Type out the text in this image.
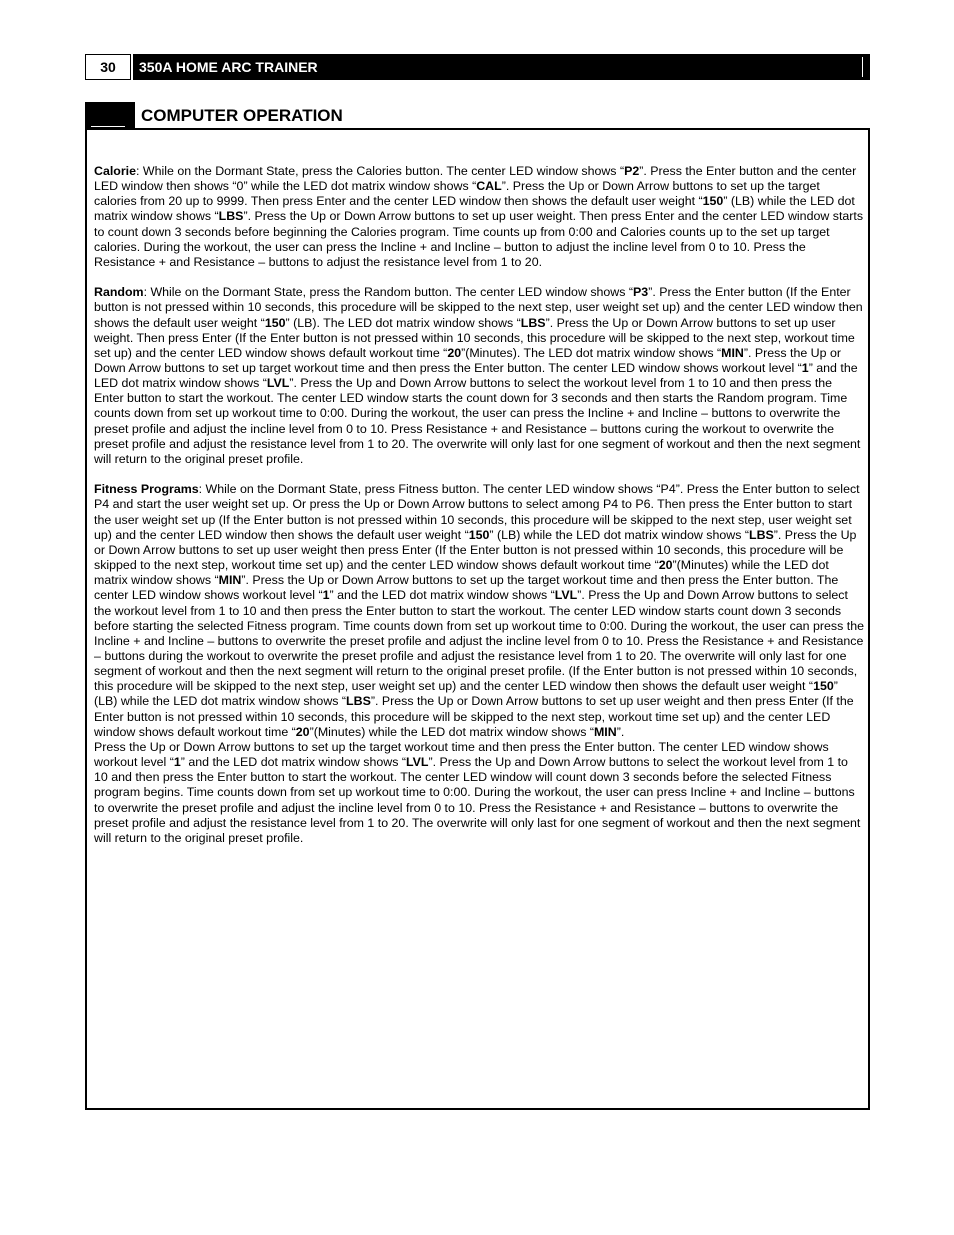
30	350A HOME ARC TRAINER
COMPUTER OPERATION

Calorie: While on the Dormant State, press the Calories button. The center LED window shows “P2”. Press the Enter button and the center LED window then shows “0” while the LED dot matrix window shows “CAL”. Press the Up or Down Arrow buttons to set up the target calories from 20 up to 9999. Then press Enter and the center LED window then shows the default user weight “150” (LB) while the LED dot matrix window shows “LBS”. Press the Up or Down Arrow buttons to set up user weight. Then press Enter and the center LED window starts to count down 3 seconds before beginning the Calories program. Time counts up from 0:00 and Calories counts up to the set up target calories. During the workout, the user can press the Incline + and Incline – button to adjust the incline level from 0 to 10. Press the Resistance + and Resistance – buttons to adjust the resistance level from 1 to 20.

Random: While on the Dormant State, press the Random button. The center LED window shows “P3”. Press the Enter button (If the Enter button is not pressed within 10 seconds, this procedure will be skipped to the next step, user weight set up) and the center LED window then shows the default user weight “150” (LB). The LED dot matrix window shows “LBS”. Press the Up or Down Arrow buttons to set up user weight. Then press Enter (If the Enter button is not pressed within 10 seconds, this procedure will be skipped to the next step, workout time set up) and the center LED window shows default workout time “20”(Minutes). The LED dot matrix window shows “MIN”. Press the Up or Down Arrow buttons to set up target workout time and then press the Enter button. The center LED window shows workout level “1” and the LED dot matrix window shows “LVL”. Press the Up and Down Arrow buttons to select the workout level from 1 to 10 and then press the Enter button to start the workout. The center LED window starts the count down for 3 seconds and then starts the Random program. Time counts down from set up workout time to 0:00. During the workout, the user can press the Incline + and Incline – buttons to overwrite the preset profile and adjust the incline level from 0 to 10. Press Resistance + and Resistance – buttons curing the workout to overwrite the preset profile and adjust the resistance level from 1 to 20. The overwrite will only last for one segment of workout and then the next segment will return to the original preset profile.

Fitness Programs: While on the Dormant State, press Fitness button. The center LED window shows “P4”. Press the Enter button to select P4 and start the user weight set up. Or press the Up or Down Arrow buttons to select among P4 to P6. Then press the Enter button to start the user weight set up (If the Enter button is not pressed within 10 seconds, this procedure will be skipped to the next step, user weight set up) and the center LED window then shows the default user weight “150” (LB) while the LED dot matrix window shows “LBS”. Press the Up or Down Arrow buttons to set up user weight then press Enter (If the Enter button is not pressed within 10 seconds, this procedure will be skipped to the next step, workout time set up) and the center LED window shows default workout time “20”(Minutes) while the LED dot matrix window shows “MIN”. Press the Up or Down Arrow buttons to set up the target workout time and then press the Enter button. The center LED window shows workout level “1” and the LED dot matrix window shows “LVL”. Press the Up and Down Arrow buttons to select the workout level from 1 to 10 and then press the Enter button to start the workout. The center LED window starts count down 3 seconds before starting the selected Fitness program. Time counts down from set up workout time to 0:00. During the workout, the user can press the Incline + and Incline – buttons to overwrite the preset profile and adjust the incline level from 0 to 10. Press the Resistance + and Resistance – buttons during the workout to overwrite the preset profile and adjust the resistance level from 1 to 20. The overwrite will only last for one segment of workout and then the next segment will return to the original preset profile. (If the Enter button is not pressed within 10 seconds, this procedure will be skipped to the next step, user weight set up) and the center LED window then shows the default user weight “150” (LB) while the LED dot matrix window shows “LBS”. Press the Up or Down Arrow buttons to set up user weight and then press Enter (If the Enter button is not pressed within 10 seconds, this procedure will be skipped to the next step, workout time set up) and the center LED window shows default workout time “20”(Minutes) while the LED dot matrix window shows “MIN”.

Press the Up or Down Arrow buttons to set up the target workout time and then press the Enter button. The center LED window shows workout level “1” and the LED dot matrix window shows “LVL”. Press the Up and Down Arrow buttons to select the workout level from 1 to 10 and then press the Enter button to start the workout. The center LED window will count down 3 seconds before the selected Fitness program begins. Time counts down from set up workout time to 0:00. During the workout, the user can press Incline + and Incline – buttons to overwrite the preset profile and adjust the incline level from 0 to 10. Press the Resistance + and Resistance – buttons to overwrite the preset profile and adjust the resistance level from 1 to 20. The overwrite will only last for one segment of workout and then the next segment will return to the original preset profile.
